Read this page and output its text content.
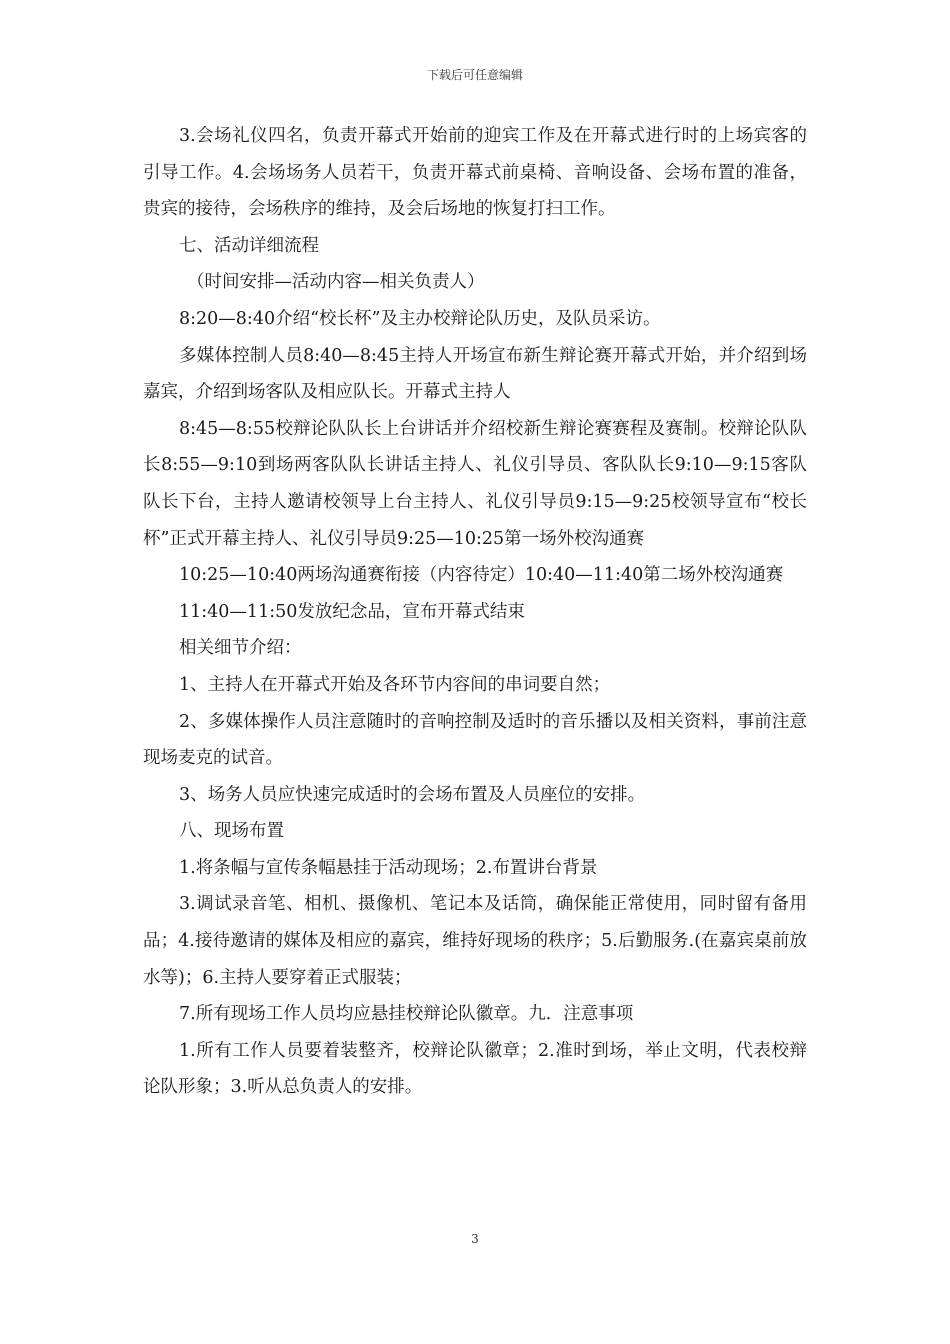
下载后可任意编辑

3.会场礼仪四名，负责开幕式开始前的迎宾工作及在开幕式进行时的上场宾客的引导工作。4.会场场务人员若干，负责开幕式前桌椅、音响设备、会场布置的准备，贵宾的接待，会场秩序的维持，及会后场地的恢复打扫工作。

七、活动详细流程

（时间安排—活动内容—相关负责人）

8:20—8:40介绍“校长杯”及主办校辩论队历史，及队员采访。

多媒体控制人员8:40—8:45主持人开场宣布新生辩论赛开幕式开始，并介绍到场嘉宾，介绍到场客队及相应队长。开幕式主持人

8:45—8:55校辩论队队长上台讲话并介绍校新生辩论赛赛程及赛制。校辩论队队长8:55—9:10到场两客队队长讲话主持人、礼仪引导员、客队队长9:10—9:15客队队长下台，主持人邀请校领导上台主持人、礼仪引导员9:15—9:25校领导宣布“校长杯”正式开幕主持人、礼仪引导员9:25—10:25第一场外校沟通赛

10:25—10:40两场沟通赛衔接（内容待定）10:40—11:40第二场外校沟通赛

11:40—11:50发放纪念品，宣布开幕式结束

相关细节介绍：

1、主持人在开幕式开始及各环节内容间的串词要自然；

2、多媒体操作人员注意随时的音响控制及适时的音乐播以及相关资料，事前注意现场麦克的试音。

3、场务人员应快速完成适时的会场布置及人员座位的安排。

八、现场布置

1.将条幅与宣传条幅悬挂于活动现场；2.布置讲台背景

3.调试录音笔、相机、摄像机、笔记本及话筒，确保能正常使用，同时留有备用品；4.接待邀请的媒体及相应的嘉宾，维持好现场的秩序；5.后勤服务.(在嘉宾桌前放水等)；6.主持人要穿着正式服装；

7.所有现场工作人员均应悬挂校辩论队徽章。九．注意事项

1.所有工作人员要着装整齐，校辩论队徽章；2.准时到场，举止文明，代表校辩论队形象；3.听从总负责人的安排。

3
